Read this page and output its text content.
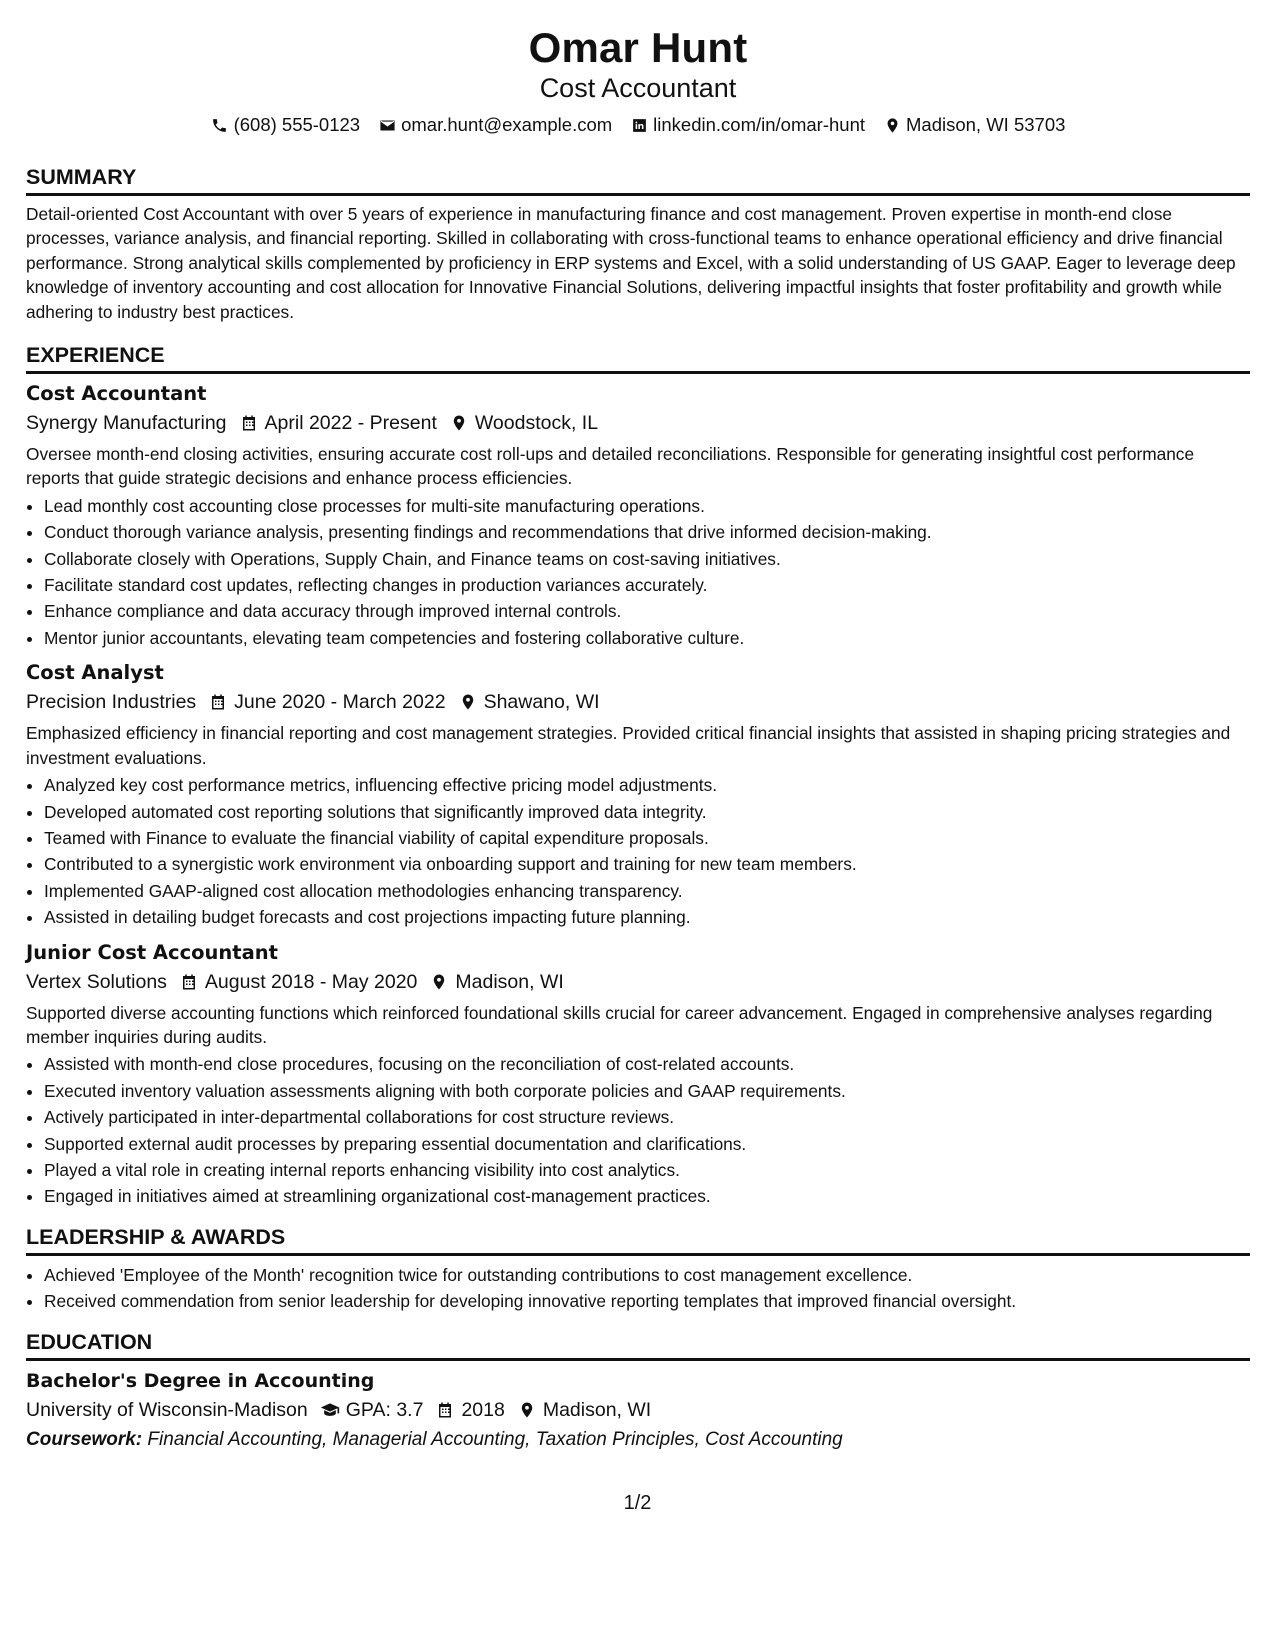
Omar Hunt
Cost Accountant
(608) 555-0123 omar.hunt@example.com linkedin.com/in/omar-hunt Madison, WI 53703
SUMMARY
Detail-oriented Cost Accountant with over 5 years of experience in manufacturing finance and cost management. Proven expertise in month-end close processes, variance analysis, and financial reporting. Skilled in collaborating with cross-functional teams to enhance operational efficiency and drive financial performance. Strong analytical skills complemented by proficiency in ERP systems and Excel, with a solid understanding of US GAAP. Eager to leverage deep knowledge of inventory accounting and cost allocation for Innovative Financial Solutions, delivering impactful insights that foster profitability and growth while adhering to industry best practices.
EXPERIENCE
Cost Accountant
Synergy Manufacturing April 2022 - Present Woodstock, IL
Oversee month-end closing activities, ensuring accurate cost roll-ups and detailed reconciliations. Responsible for generating insightful cost performance reports that guide strategic decisions and enhance process efficiencies.
• Lead monthly cost accounting close processes for multi-site manufacturing operations.
• Conduct thorough variance analysis, presenting findings and recommendations that drive informed decision-making.
• Collaborate closely with Operations, Supply Chain, and Finance teams on cost-saving initiatives.
• Facilitate standard cost updates, reflecting changes in production variances accurately.
• Enhance compliance and data accuracy through improved internal controls.
• Mentor junior accountants, elevating team competencies and fostering collaborative culture.
Cost Analyst
Precision Industries June 2020 - March 2022 Shawano, WI
Emphasized efficiency in financial reporting and cost management strategies. Provided critical financial insights that assisted in shaping pricing strategies and investment evaluations.
• Analyzed key cost performance metrics, influencing effective pricing model adjustments.
• Developed automated cost reporting solutions that significantly improved data integrity.
• Teamed with Finance to evaluate the financial viability of capital expenditure proposals.
• Contributed to a synergistic work environment via onboarding support and training for new team members.
• Implemented GAAP-aligned cost allocation methodologies enhancing transparency.
• Assisted in detailing budget forecasts and cost projections impacting future planning.
Junior Cost Accountant
Vertex Solutions August 2018 - May 2020 Madison, WI
Supported diverse accounting functions which reinforced foundational skills crucial for career advancement. Engaged in comprehensive analyses regarding member inquiries during audits.
• Assisted with month-end close procedures, focusing on the reconciliation of cost-related accounts.
• Executed inventory valuation assessments aligning with both corporate policies and GAAP requirements.
• Actively participated in inter-departmental collaborations for cost structure reviews.
• Supported external audit processes by preparing essential documentation and clarifications.
• Played a vital role in creating internal reports enhancing visibility into cost analytics.
• Engaged in initiatives aimed at streamlining organizational cost-management practices.
LEADERSHIP & AWARDS
• Achieved 'Employee of the Month' recognition twice for outstanding contributions to cost management excellence.
• Received commendation from senior leadership for developing innovative reporting templates that improved financial oversight.
EDUCATION
Bachelor's Degree in Accounting
University of Wisconsin-Madison GPA: 3.7 2018 Madison, WI
Coursework: Financial Accounting, Managerial Accounting, Taxation Principles, Cost Accounting
1/2
